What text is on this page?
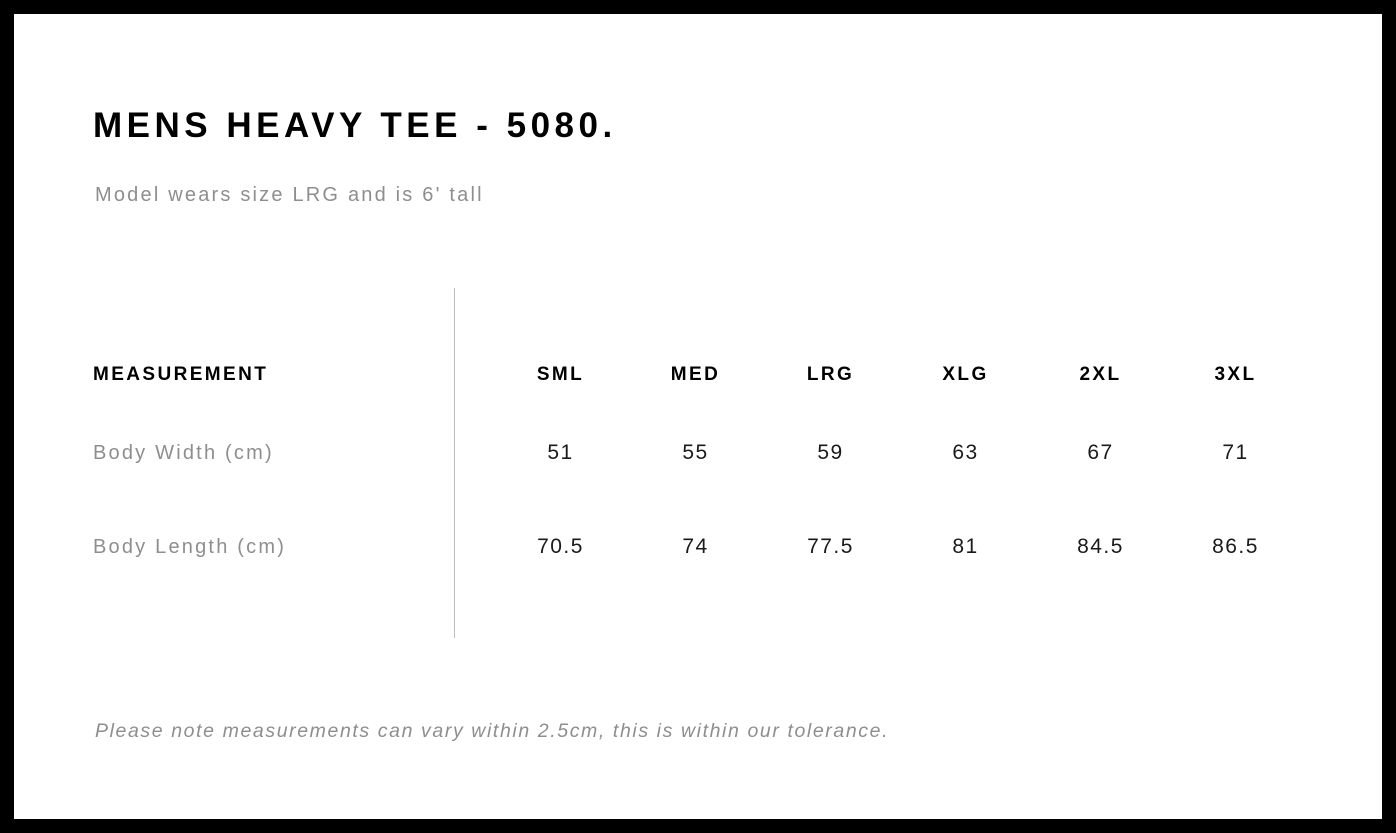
MENS HEAVY TEE - 5080.
Model wears size LRG and is 6' tall
MEASUREMENT	SML	MED	LRG	XLG	2XL	3XL
Body Width (cm)	51	55	59	63	67	71
Body Length (cm)	70.5	74	77.5	81	84.5	86.5
Please note measurements can vary within 2.5cm, this is within our tolerance.
